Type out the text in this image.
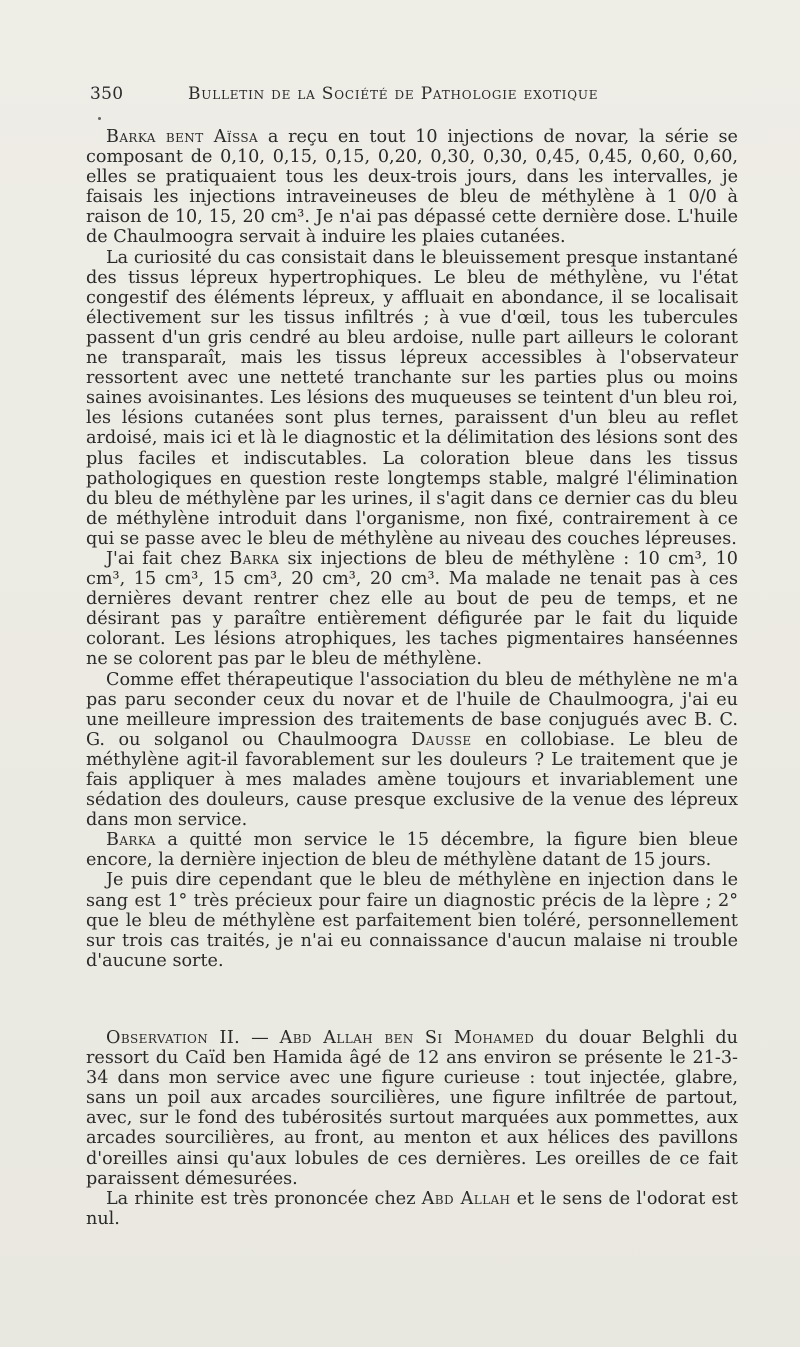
350	Bulletin de la Société de Pathologie exotique

Barka bent Aïssa a reçu en tout 10 injections de novar, la série se composant de 0,10, 0,15, 0,15, 0,20, 0,30, 0,30, 0,45, 0,45, 0,60, 0,60, elles se pratiquaient tous les deux-trois jours, dans les intervalles, je faisais les injections intraveineuses de bleu de méthylène à 1 0/0 à raison de 10, 15, 20 cm³. Je n'ai pas dépassé cette dernière dose. L'huile de Chaulmoogra servait à induire les plaies cutanées.

La curiosité du cas consistait dans le bleuissement presque instantané des tissus lépreux hypertrophiques. Le bleu de méthylène, vu l'état congestif des éléments lépreux, y affluait en abondance, il se localisait électivement sur les tissus infiltrés ; à vue d'œil, tous les tubercules passent d'un gris cendré au bleu ardoise, nulle part ailleurs le colorant ne transparaît, mais les tissus lépreux accessibles à l'observateur ressortent avec une netteté tranchante sur les parties plus ou moins saines avoisinantes. Les lésions des muqueuses se teintent d'un bleu roi, les lésions cutanées sont plus ternes, paraissent d'un bleu au reflet ardoisé, mais ici et là le diagnostic et la délimitation des lésions sont des plus faciles et indiscutables. La coloration bleue dans les tissus pathologiques en question reste longtemps stable, malgré l'élimination du bleu de méthylène par les urines, il s'agit dans ce dernier cas du bleu de méthylène introduit dans l'organisme, non fixé, contrairement à ce qui se passe avec le bleu de méthylène au niveau des couches lépreuses.

J'ai fait chez Barka six injections de bleu de méthylène : 10 cm³, 10 cm³, 15 cm³, 15 cm³, 20 cm³, 20 cm³. Ma malade ne tenait pas à ces dernières devant rentrer chez elle au bout de peu de temps, et ne désirant pas y paraître entièrement défigurée par le fait du liquide colorant. Les lésions atrophiques, les taches pigmentaires hanséennes ne se colorent pas par le bleu de méthylène.

Comme effet thérapeutique l'association du bleu de méthylène ne m'a pas paru seconder ceux du novar et de l'huile de Chaulmoogra, j'ai eu une meilleure impression des traitements de base conjugués avec B. C. G. ou solganol ou Chaulmoogra Dausse en collobiase. Le bleu de méthylène agit-il favorablement sur les douleurs ? Le traitement que je fais appliquer à mes malades amène toujours et invariablement une sédation des douleurs, cause presque exclusive de la venue des lépreux dans mon service.

Barka a quitté mon service le 15 décembre, la figure bien bleue encore, la dernière injection de bleu de méthylène datant de 15 jours.

Je puis dire cependant que le bleu de méthylène en injection dans le sang est 1° très précieux pour faire un diagnostic précis de la lèpre ; 2° que le bleu de méthylène est parfaitement bien toléré, personnellement sur trois cas traités, je n'ai eu connaissance d'aucun malaise ni trouble d'aucune sorte.

Observation II. — Abd Allah ben Si Mohamed du douar Belghli du ressort du Caïd ben Hamida âgé de 12 ans environ se présente le 21-3-34 dans mon service avec une figure curieuse : tout injectée, glabre, sans un poil aux arcades sourcilières, une figure infiltrée de partout, avec, sur le fond des tubérosités surtout marquées aux pommettes, aux arcades sourcilières, au front, au menton et aux hélices des pavillons d'oreilles ainsi qu'aux lobules de ces dernières. Les oreilles de ce fait paraissent démesurées.

La rhinite est très prononcée chez Abd Allah et le sens de l'odorat est nul.
